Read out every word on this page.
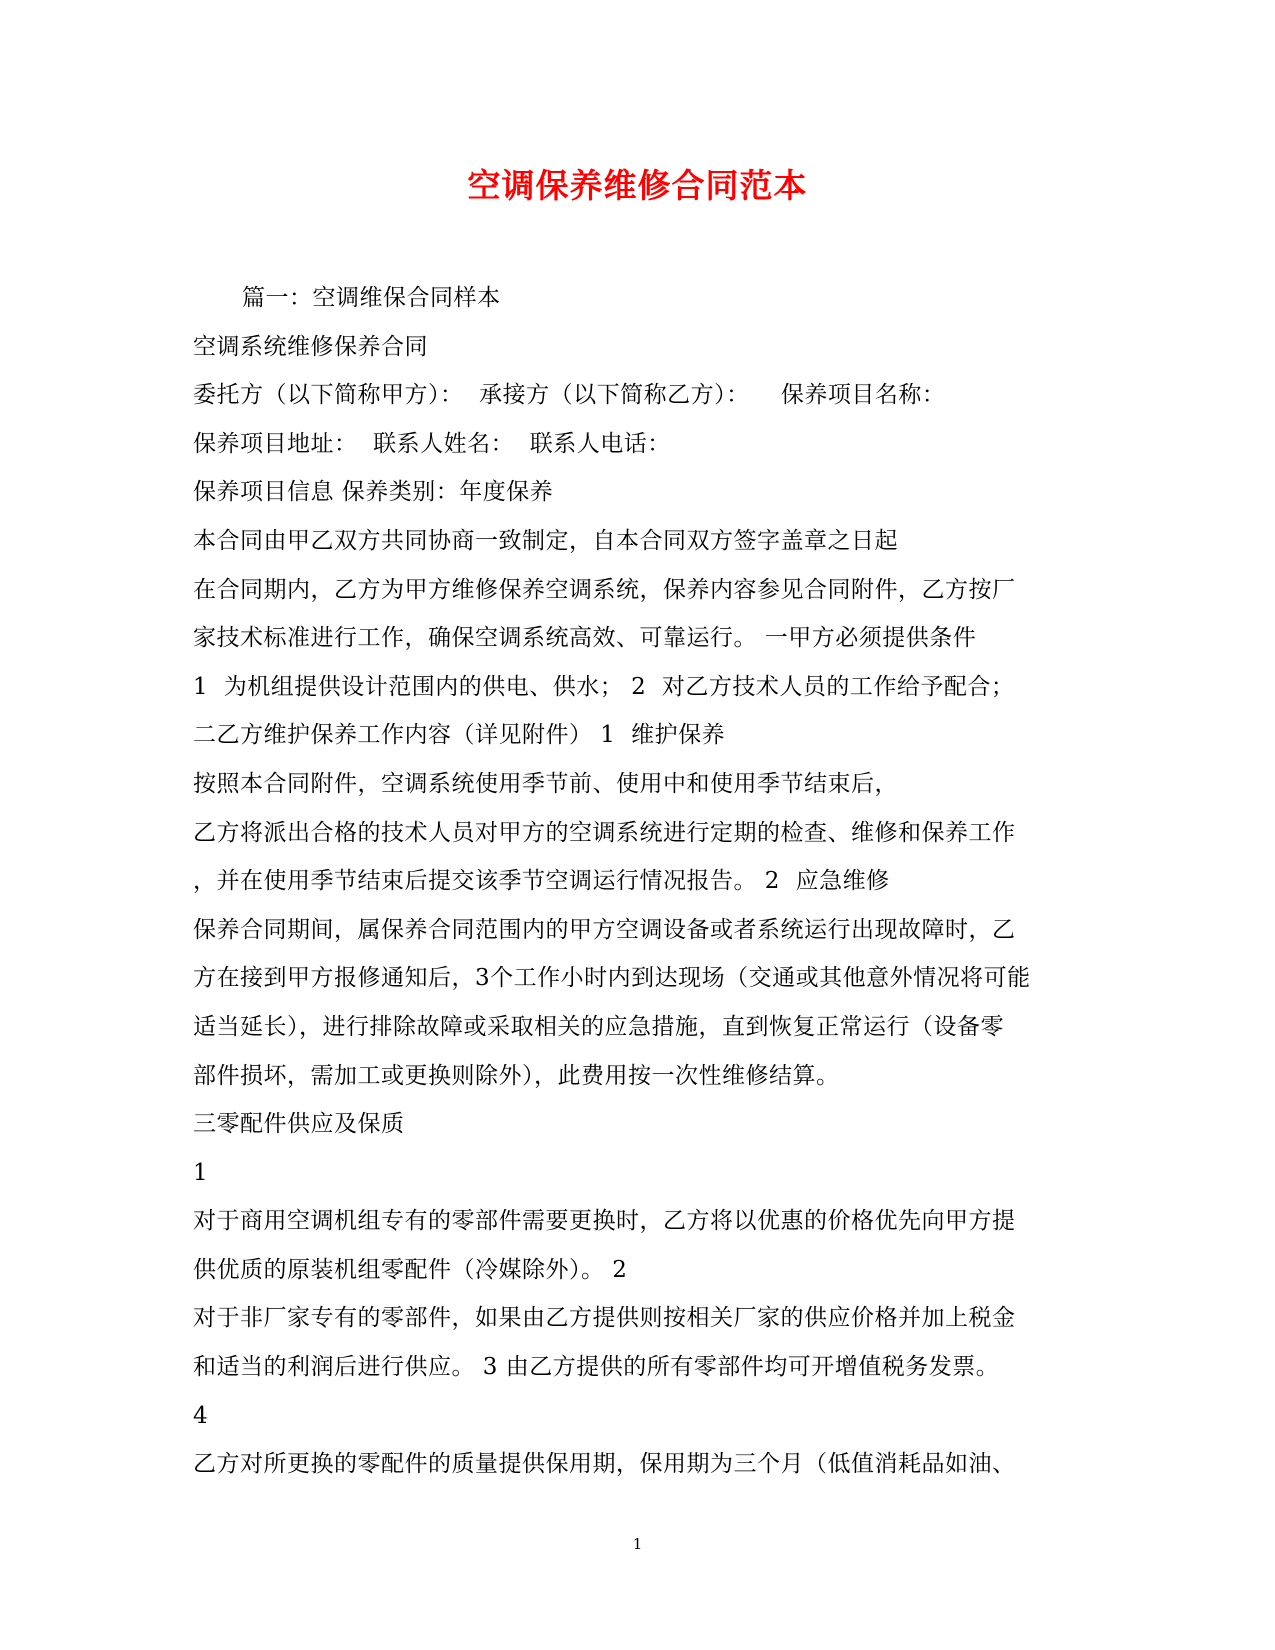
空调保养维修合同范本
篇一：空调维保合同样本
空调系统维修保养合同
委托方（以下简称甲方）：  承接方（以下简称乙方）：    保养项目名称：
保养项目地址：  联系人姓名：  联系人电话：
保养项目信息 保养类别：年度保养
本合同由甲乙双方共同协商一致制定，自本合同双方签字盖章之日起
在合同期内，乙方为甲方维修保养空调系统，保养内容参见合同附件，乙方按厂
家技术标准进行工作，确保空调系统高效、可靠运行。 一甲方必须提供条件
1  为机组提供设计范围内的供电、供水； 2  对乙方技术人员的工作给予配合；
二乙方维护保养工作内容（详见附件） 1  维护保养
按照本合同附件，空调系统使用季节前、使用中和使用季节结束后，
乙方将派出合格的技术人员对甲方的空调系统进行定期的检查、维修和保养工作
，并在使用季节结束后提交该季节空调运行情况报告。 2  应急维修
保养合同期间，属保养合同范围内的甲方空调设备或者系统运行出现故障时，乙
方在接到甲方报修通知后，3个工作小时内到达现场（交通或其他意外情况将可能
适当延长），进行排除故障或采取相关的应急措施，直到恢复正常运行（设备零
部件损坏，需加工或更换则除外），此费用按一次性维修结算。
三零配件供应及保质
1
对于商用空调机组专有的零部件需要更换时，乙方将以优惠的价格优先向甲方提
供优质的原装机组零配件（冷媒除外）。 2
对于非厂家专有的零部件，如果由乙方提供则按相关厂家的供应价格并加上税金
和适当的利润后进行供应。 3 由乙方提供的所有零部件均可开增值税务发票。
4
乙方对所更换的零配件的质量提供保用期，保用期为三个月（低值消耗品如油、
1
